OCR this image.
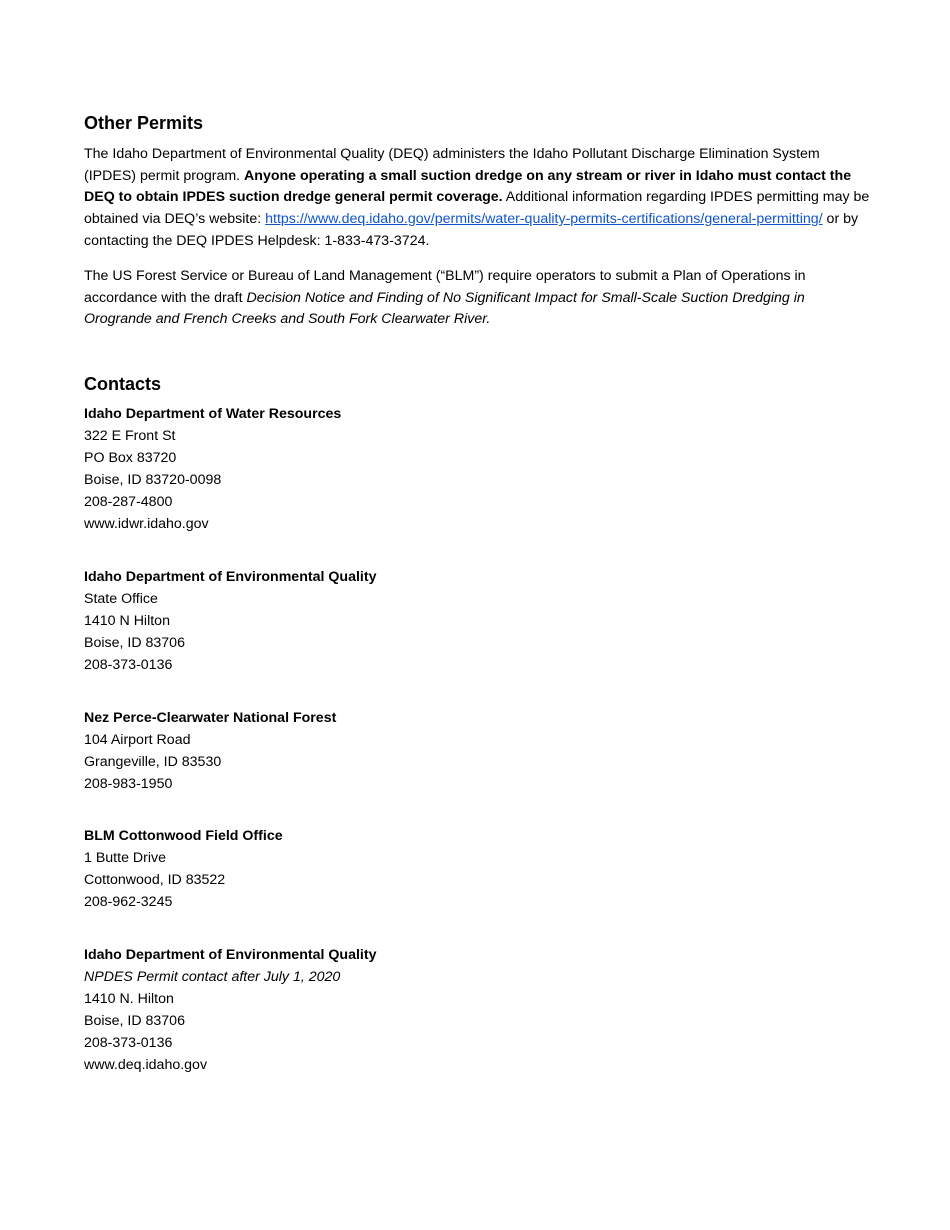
Other Permits

The Idaho Department of Environmental Quality (DEQ) administers the Idaho Pollutant Discharge Elimination System (IPDES) permit program. Anyone operating a small suction dredge on any stream or river in Idaho must contact the DEQ to obtain IPDES suction dredge general permit coverage. Additional information regarding IPDES permitting may be obtained via DEQ’s website: https://www.deq.idaho.gov/permits/water-quality-permits-certifications/general-permitting/ or by contacting the DEQ IPDES Helpdesk: 1-833-473-3724.

The US Forest Service or Bureau of Land Management (“BLM”) require operators to submit a Plan of Operations in accordance with the draft Decision Notice and Finding of No Significant Impact for Small-Scale Suction Dredging in Orogrande and French Creeks and South Fork Clearwater River.

Contacts
Idaho Department of Water Resources
322 E Front St
PO Box 83720
Boise, ID 83720-0098
208-287-4800
www.idwr.idaho.gov
Idaho Department of Environmental Quality
State Office
1410 N Hilton
Boise, ID 83706
208-373-0136
Nez Perce-Clearwater National Forest
104 Airport Road
Grangeville, ID 83530
208-983-1950
BLM Cottonwood Field Office
1 Butte Drive
Cottonwood, ID 83522
208-962-3245
Idaho Department of Environmental Quality
NPDES Permit contact after July 1, 2020
1410 N. Hilton
Boise, ID 83706
208-373-0136
www.deq.idaho.gov
